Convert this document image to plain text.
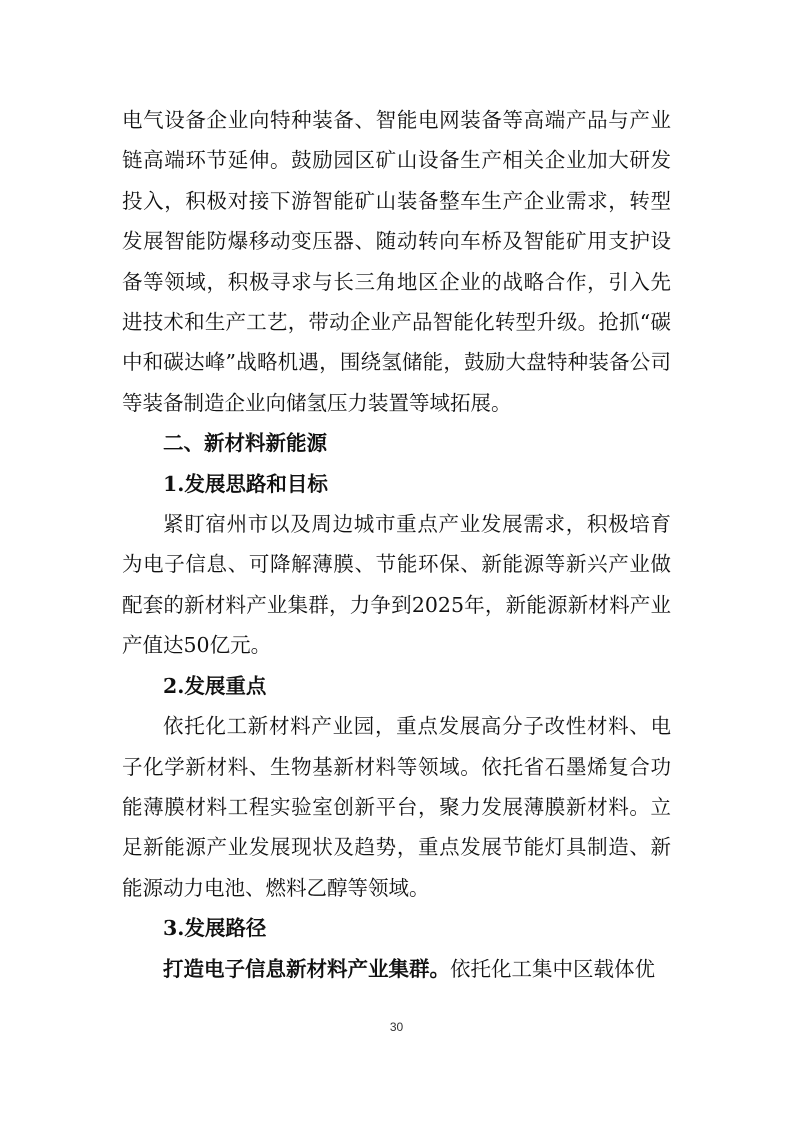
电气设备企业向特种装备、智能电网装备等高端产品与产业链高端环节延伸。鼓励园区矿山设备生产相关企业加大研发投入，积极对接下游智能矿山装备整车生产企业需求，转型发展智能防爆移动变压器、随动转向车桥及智能矿用支护设备等领域，积极寻求与长三角地区企业的战略合作，引入先进技术和生产工艺，带动企业产品智能化转型升级。抢抓“碳中和碳达峰”战略机遇，围绕氢储能，鼓励大盘特种装备公司等装备制造企业向储氢压力装置等域拓展。

二、新材料新能源

1.发展思路和目标

紧盯宿州市以及周边城市重点产业发展需求，积极培育为电子信息、可降解薄膜、节能环保、新能源等新兴产业做配套的新材料产业集群，力争到2025年，新能源新材料产业产值达50亿元。

2.发展重点

依托化工新材料产业园，重点发展高分子改性材料、电子化学新材料、生物基新材料等领域。依托省石墨烯复合功能薄膜材料工程实验室创新平台，聚力发展薄膜新材料。立足新能源产业发展现状及趋势，重点发展节能灯具制造、新能源动力电池、燃料乙醇等领域。

3.发展路径

打造电子信息新材料产业集群。依托化工集中区载体优

30
